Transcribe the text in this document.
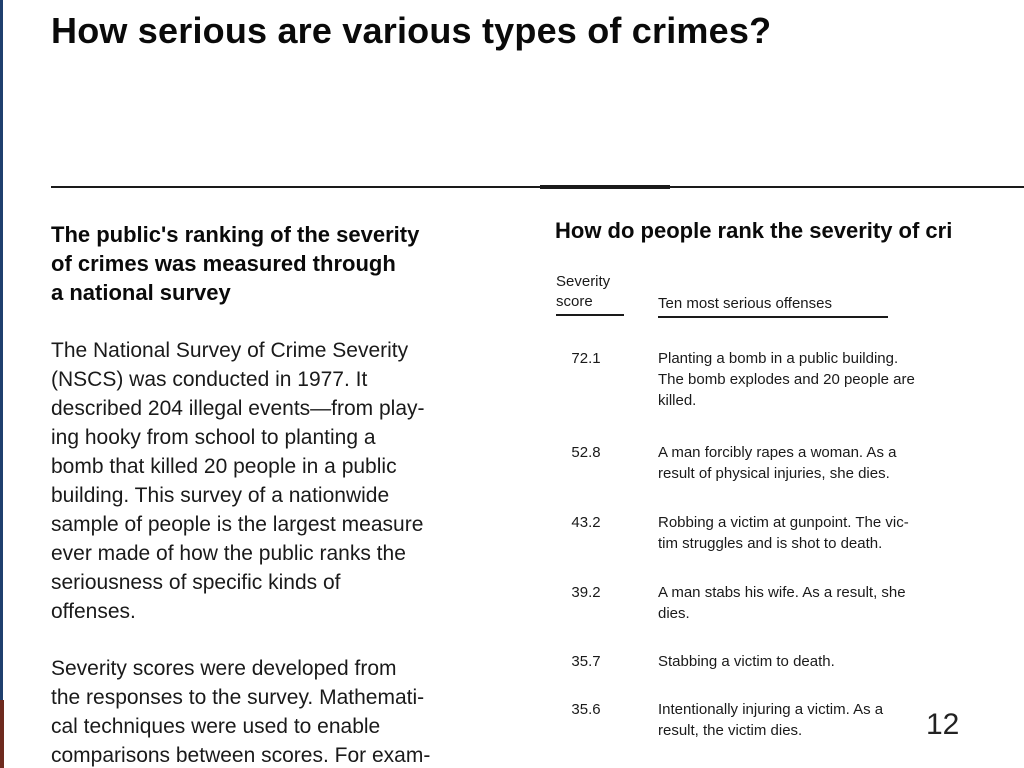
How serious are various types of crimes?
The public's ranking of the severity
of crimes was measured through
a national survey
The National Survey of Crime Severity
(NSCS) was conducted in 1977. It
described 204 illegal events—from play-
ing hooky from school to planting a
bomb that killed 20 people in a public
building. This survey of a nationwide
sample of people is the largest measure
ever made of how the public ranks the
seriousness of specific kinds of
offenses.
Severity scores were developed from
the responses to the survey. Mathemati-
cal techniques were used to enable
comparisons between scores. For exam-
How do people rank the severity of cri
Severity
score	Ten most serious offenses
72.1	Planting a bomb in a public building.
The bomb explodes and 20 people are
killed.
52.8	A man forcibly rapes a woman. As a
result of physical injuries, she dies.
43.2	Robbing a victim at gunpoint. The vic-
tim struggles and is shot to death.
39.2	A man stabs his wife. As a result, she
dies.
35.7	Stabbing a victim to death.
35.6	Intentionally injuring a victim. As a
result, the victim dies.	12
